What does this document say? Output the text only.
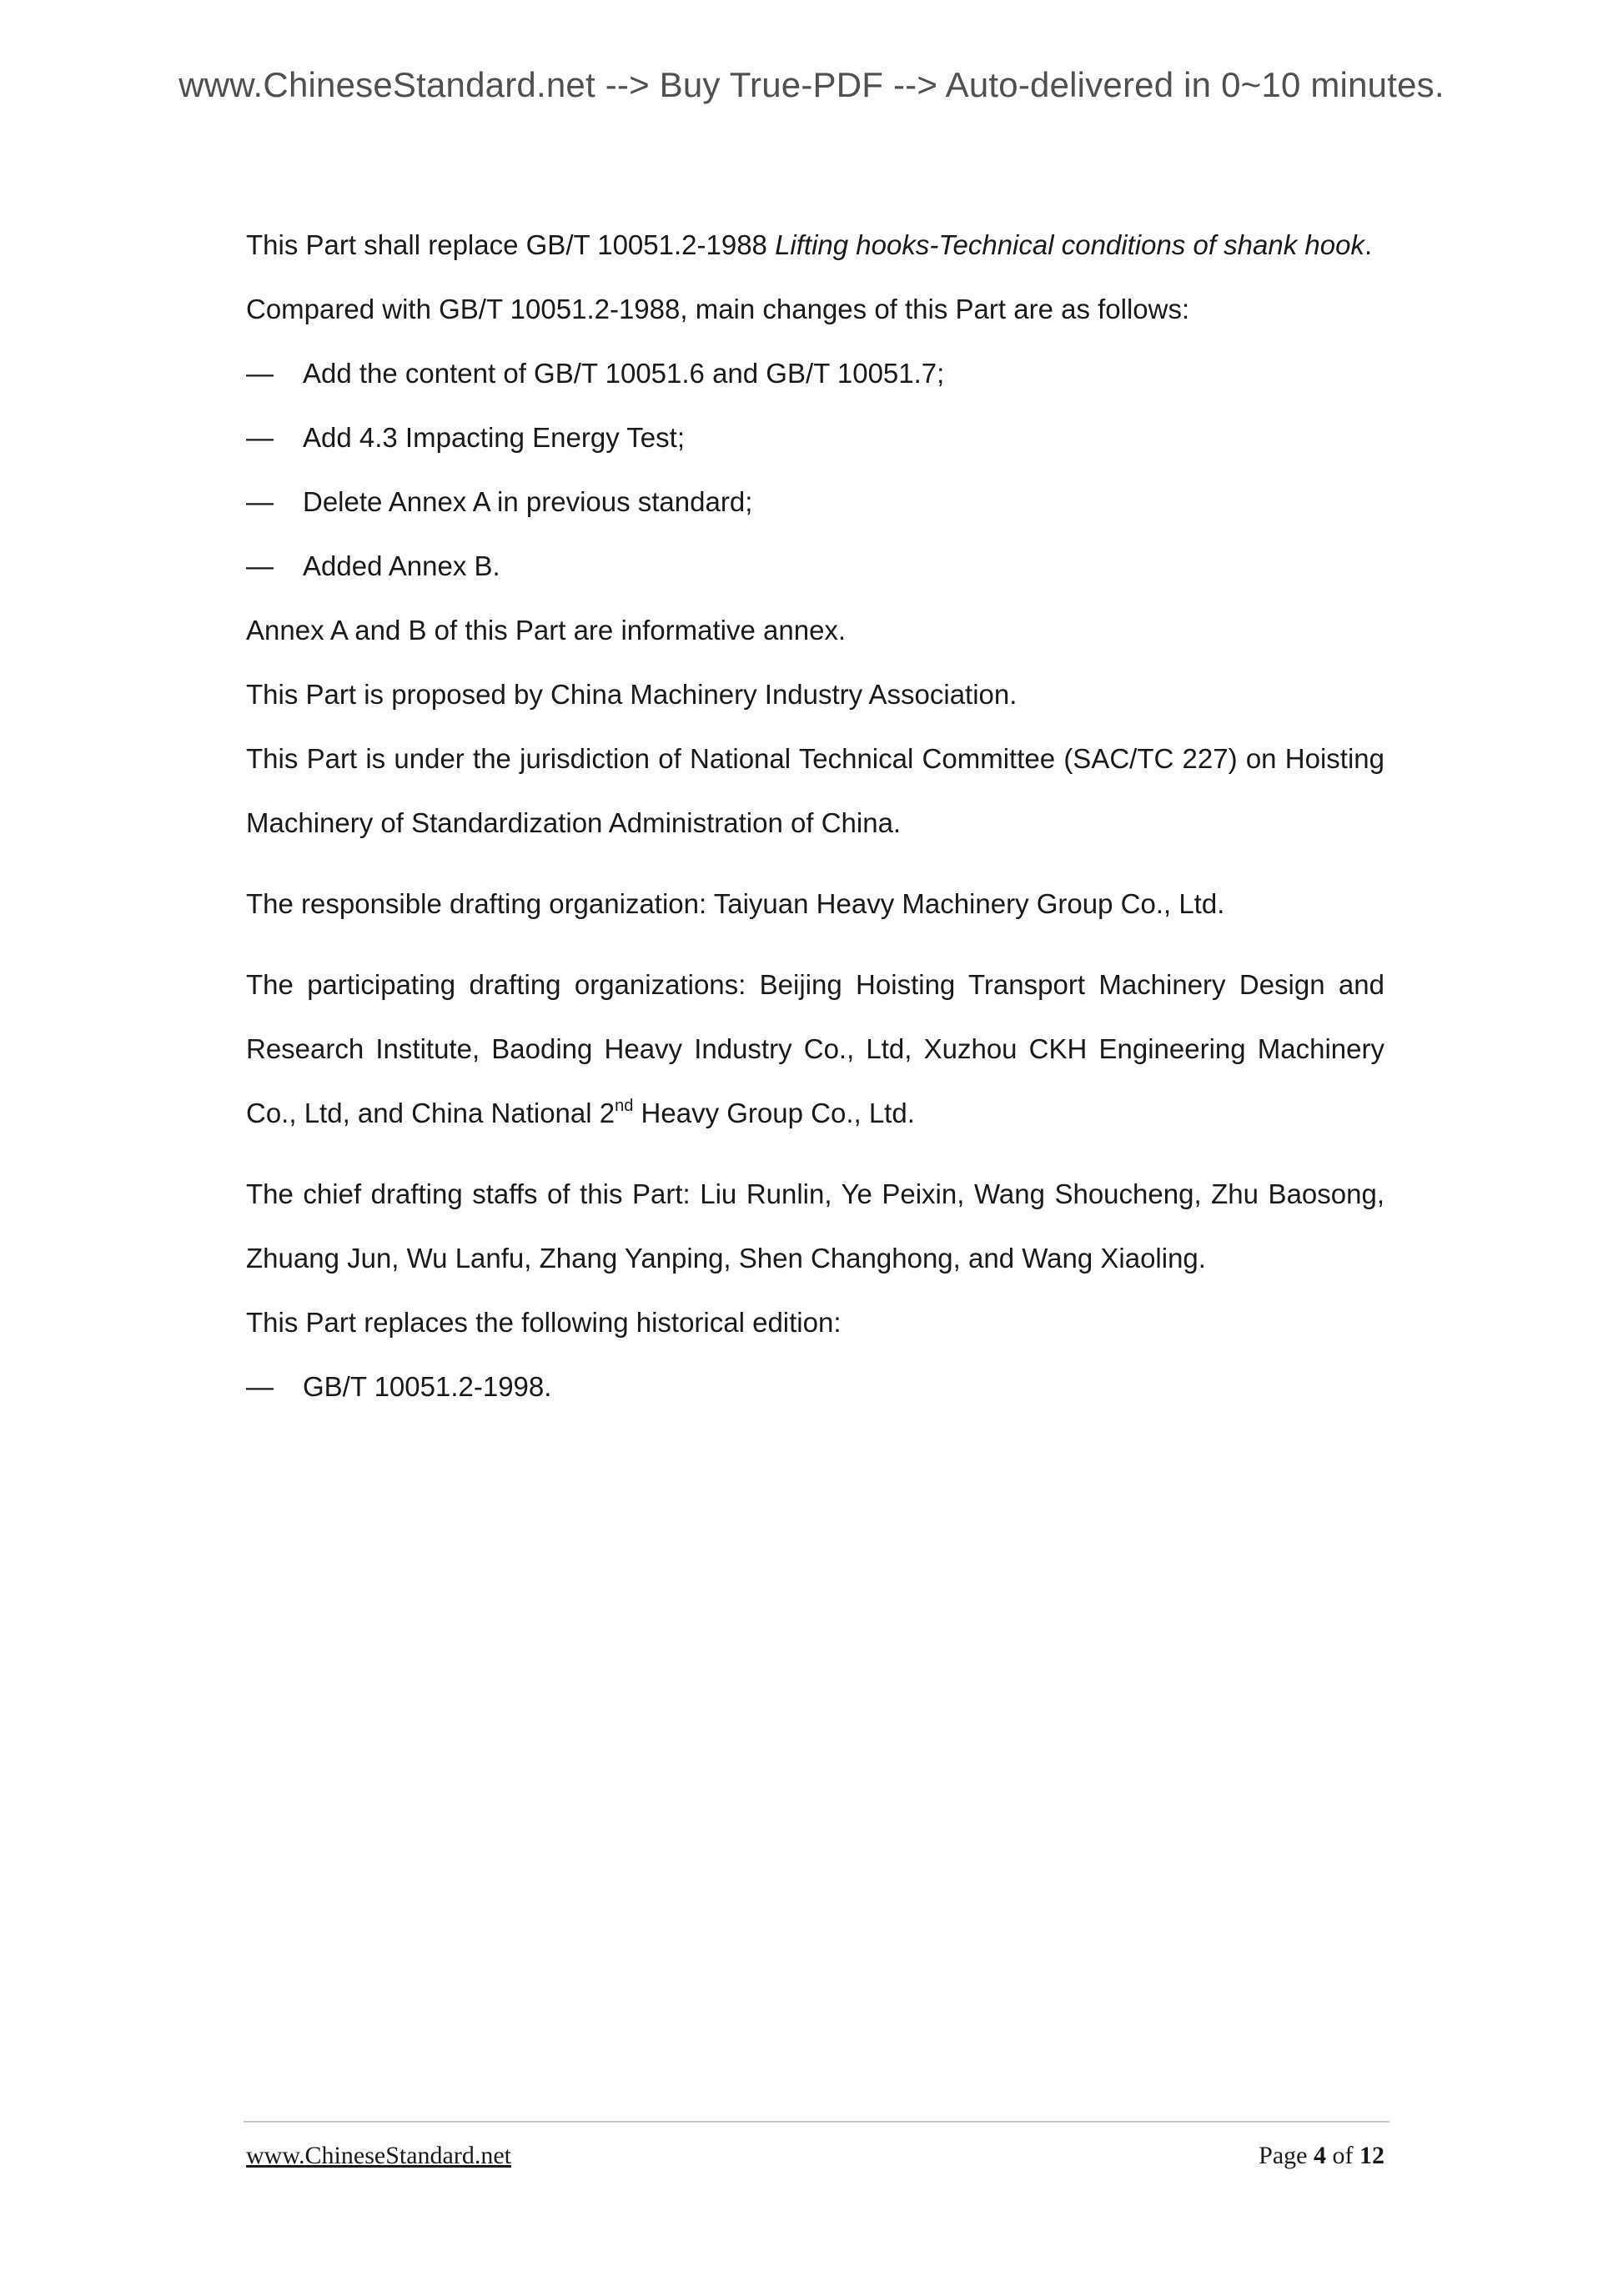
www.ChineseStandard.net --> Buy True-PDF --> Auto-delivered in 0~10 minutes.

This Part shall replace GB/T 10051.2-1988 Lifting hooks-Technical conditions of shank hook.

Compared with GB/T 10051.2-1988, main changes of this Part are as follows:

—	Add the content of GB/T 10051.6 and GB/T 10051.7;
—	Add 4.3 Impacting Energy Test;
—	Delete Annex A in previous standard;
—	Added Annex B.

Annex A and B of this Part are informative annex.

This Part is proposed by China Machinery Industry Association.

This Part is under the jurisdiction of National Technical Committee (SAC/TC 227) on Hoisting Machinery of Standardization Administration of China.

The responsible drafting organization: Taiyuan Heavy Machinery Group Co., Ltd.

The participating drafting organizations: Beijing Hoisting Transport Machinery Design and Research Institute, Baoding Heavy Industry Co., Ltd, Xuzhou CKH Engineering Machinery Co., Ltd, and China National 2nd Heavy Group Co., Ltd.

The chief drafting staffs of this Part: Liu Runlin, Ye Peixin, Wang Shoucheng, Zhu Baosong, Zhuang Jun, Wu Lanfu, Zhang Yanping, Shen Changhong, and Wang Xiaoling.

This Part replaces the following historical edition:

—	GB/T 10051.2-1998.
www.ChineseStandard.net	Page 4 of 12
